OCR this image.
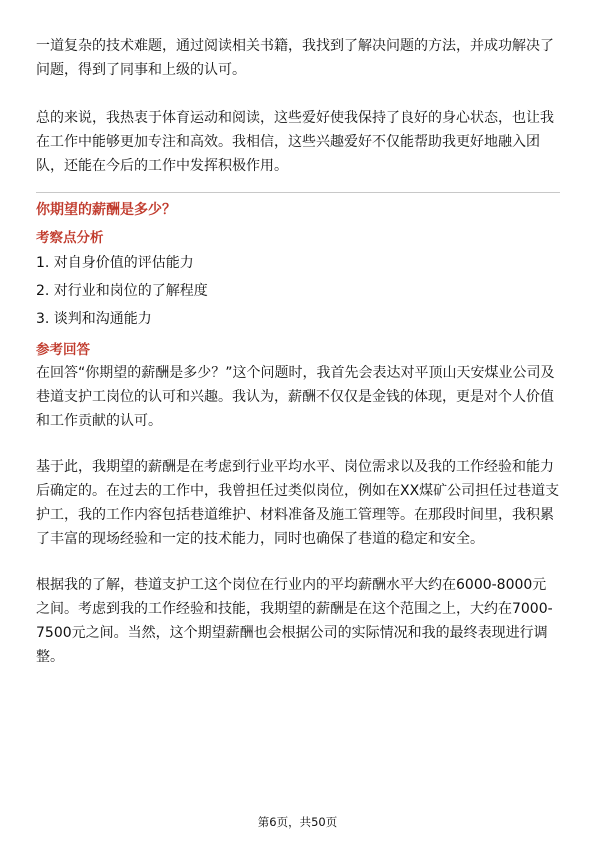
一道复杂的技术难题，通过阅读相关书籍，我找到了解决问题的方法，并成功解决了问题，得到了同事和上级的认可。

总的来说，我热衷于体育运动和阅读，这些爱好使我保持了良好的身心状态，也让我在工作中能够更加专注和高效。我相信，这些兴趣爱好不仅能帮助我更好地融入团队，还能在今后的工作中发挥积极作用。

你期望的薪酬是多少？

考察点分析

1. 对自身价值的评估能力
2. 对行业和岗位的了解程度
3. 谈判和沟通能力

参考回答

在回答“你期望的薪酬是多少？”这个问题时，我首先会表达对平顶山天安煤业公司及巷道支护工岗位的认可和兴趣。我认为，薪酬不仅仅是金钱的体现，更是对个人价值和工作贡献的认可。

基于此，我期望的薪酬是在考虑到行业平均水平、岗位需求以及我的工作经验和能力后确定的。在过去的工作中，我曾担任过类似岗位，例如在XX煤矿公司担任过巷道支护工，我的工作内容包括巷道维护、材料准备及施工管理等。在那段时间里，我积累了丰富的现场经验和一定的技术能力，同时也确保了巷道的稳定和安全。

根据我的了解，巷道支护工这个岗位在行业内的平均薪酬水平大约在6000-8000元之间。考虑到我的工作经验和技能，我期望的薪酬是在这个范围之上，大约在7000-7500元之间。当然，这个期望薪酬也会根据公司的实际情况和我的最终表现进行调整。

第6页，共50页
